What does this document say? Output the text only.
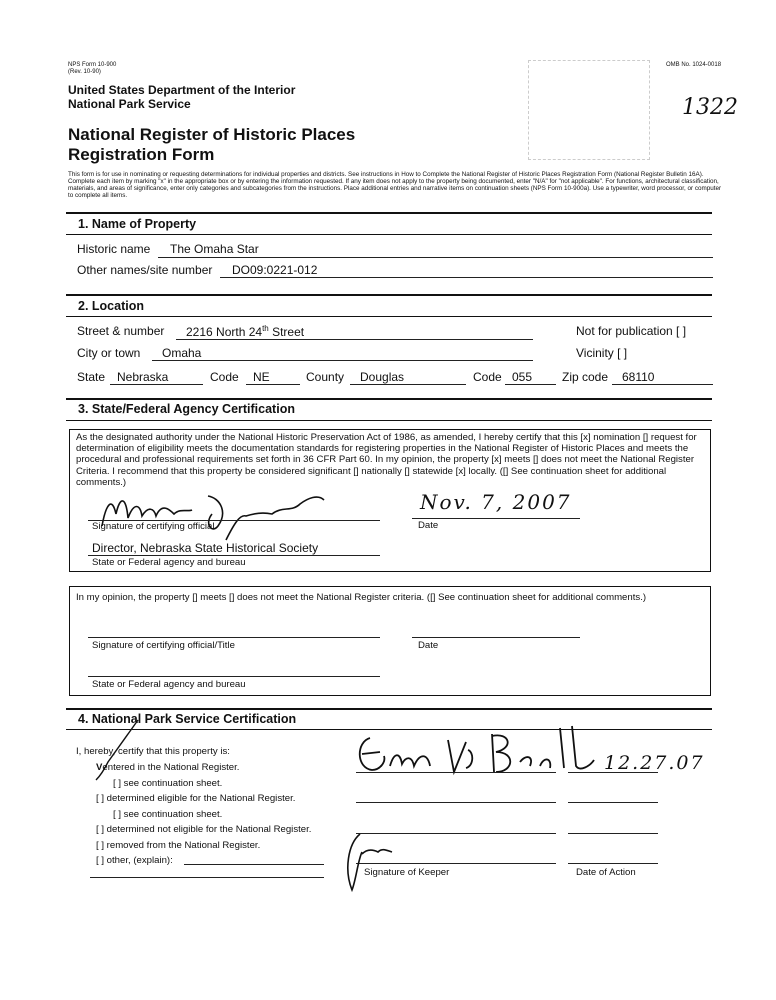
NPS Form 10-900
(Rev. 10-90)
OMB No. 1024-0018
1322
United States Department of the Interior
National Park Service
National Register of Historic Places
Registration Form
This form is for use in nominating or requesting determinations for individual properties and districts. See instructions in How to Complete the National Register of Historic Places Registration Form (National Register Bulletin 16A). Complete each item by marking "x" in the appropriate box or by entering the information requested. If any item does not apply to the property being documented, enter "N/A" for "not applicable". For functions, architectural classification, materials, and areas of significance, enter only categories and subcategories from the instructions. Place additional entries and narrative items on continuation sheets (NPS Form 10-900a). Use a typewriter, word processor, or computer to complete all items.
1. Name of Property
Historic name The Omaha Star
Other names/site number DO09:0221-012
2. Location
Street & number 2216 North 24th Street	Not for publication [ ]
City or town Omaha	Vicinity [ ]
State Nebraska	Code NE	County Douglas	Code 055 Zip code 68110
3. State/Federal Agency Certification
As the designated authority under the National Historic Preservation Act of 1986, as amended, I hereby certify that this [x] nomination [] request for determination of eligibility meets the documentation standards for registering properties in the National Register of Historic Places and meets the procedural and professional requirements set forth in 36 CFR Part 60. In my opinion, the property [x] meets [] does not meet the National Register Criteria. I recommend that this property be considered significant [] nationally [] statewide [x] locally. ([] See continuation sheet for additional comments.)
Signature of certifying official
Nov. 7, 2007
Date
Director, Nebraska State Historical Society
State or Federal agency and bureau
In my opinion, the property [] meets [] does not meet the National Register criteria. ([] See continuation sheet for additional comments.)
Signature of certifying official/Title	Date
State or Federal agency and bureau
4. National Park Service Certification
I, hereby, certify that this property is:
Ventered in the National Register.
[ ] see continuation sheet.
[ ] determined eligible for the National Register.
[ ] see continuation sheet.
[ ] determined not eligible for the National Register.
[ ] removed from the National Register.
[ ] other, (explain):
12.27.07
Signature of Keeper	Date of Action
